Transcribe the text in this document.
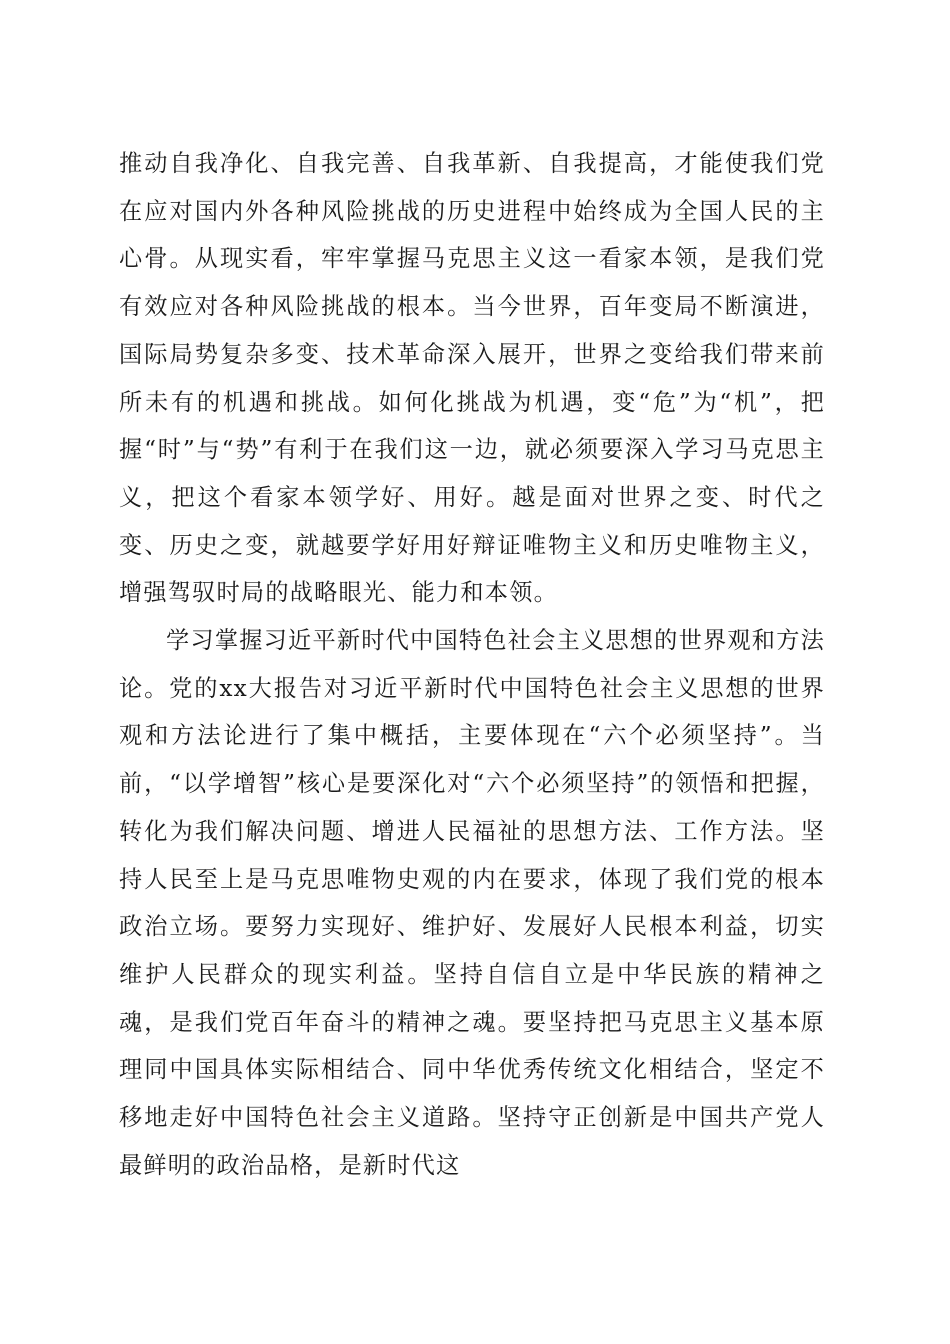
推动自我净化、自我完善、自我革新、自我提高，才能使我们党在应对国内外各种风险挑战的历史进程中始终成为全国人民的主心骨。从现实看，牢牢掌握马克思主义这一看家本领，是我们党有效应对各种风险挑战的根本。当今世界，百年变局不断演进，国际局势复杂多变、技术革命深入展开，世界之变给我们带来前所未有的机遇和挑战。如何化挑战为机遇，变“危”为“机”，把握“时”与“势”有利于在我们这一边，就必须要深入学习马克思主义，把这个看家本领学好、用好。越是面对世界之变、时代之变、历史之变，就越要学好用好辩证唯物主义和历史唯物主义，增强驾驭时局的战略眼光、能力和本领。

学习掌握习近平新时代中国特色社会主义思想的世界观和方法论。党的xx大报告对习近平新时代中国特色社会主义思想的世界观和方法论进行了集中概括，主要体现在“六个必须坚持”。当前，“以学增智”核心是要深化对“六个必须坚持”的领悟和把握，转化为我们解决问题、增进人民福祉的思想方法、工作方法。坚持人民至上是马克思唯物史观的内在要求，体现了我们党的根本政治立场。要努力实现好、维护好、发展好人民根本利益，切实维护人民群众的现实利益。坚持自信自立是中华民族的精神之魂，是我们党百年奋斗的精神之魂。要坚持把马克思主义基本原理同中国具体实际相结合、同中华优秀传统文化相结合，坚定不移地走好中国特色社会主义道路。坚持守正创新是中国共产党人最鲜明的政治品格，是新时代这
